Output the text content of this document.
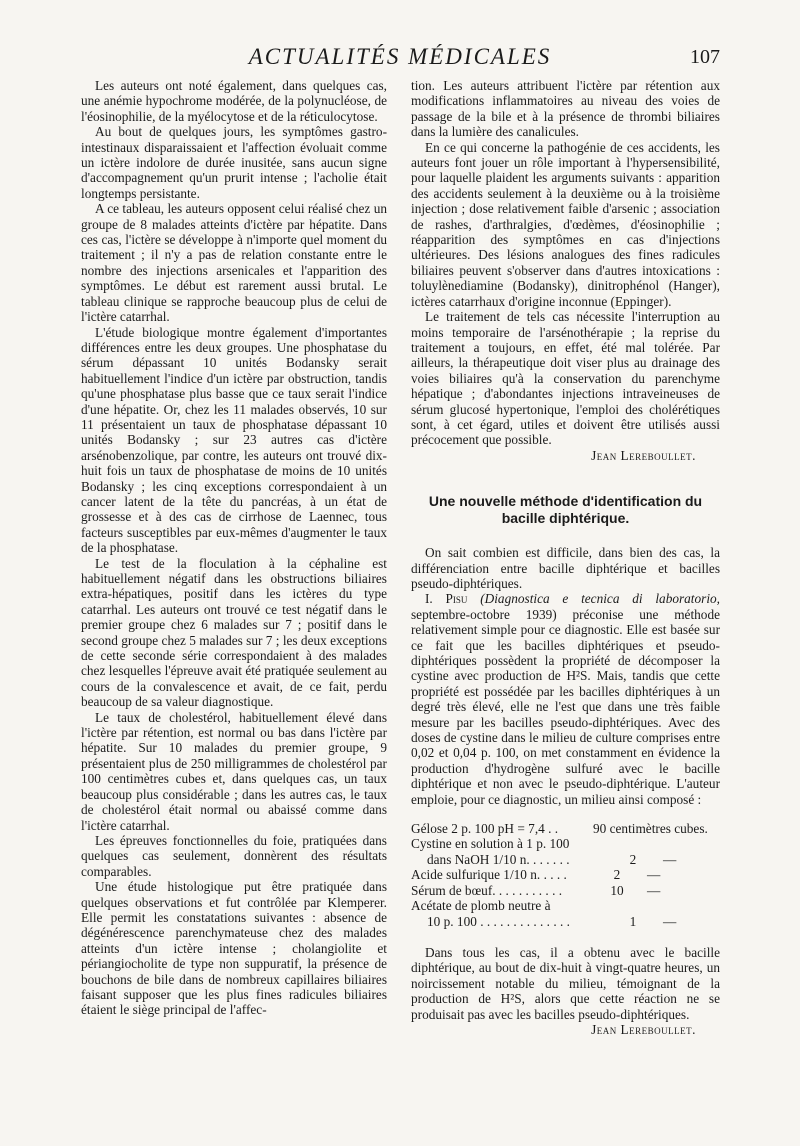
ACTUALITÉS MÉDICALES	107

Les auteurs ont noté également, dans quelques cas, une anémie hypochrome modérée, de la polynucléose, de l'éosinophilie, de la myélocytose et de la réticulocytose.

Au bout de quelques jours, les symptômes gastro-intestinaux disparaissaient et l'affection évoluait comme un ictère indolore de durée inusitée, sans aucun signe d'accompagnement qu'un prurit intense ; l'acholie était longtemps persistante.

A ce tableau, les auteurs opposent celui réalisé chez un groupe de 8 malades atteints d'ictère par hépatite. Dans ces cas, l'ictère se développe à n'importe quel moment du traitement ; il n'y a pas de relation constante entre le nombre des injections arsenicales et l'apparition des symptômes. Le début est rarement aussi brutal. Le tableau clinique se rapproche beaucoup plus de celui de l'ictère catarrhal.

L'étude biologique montre également d'importantes différences entre les deux groupes. Une phosphatase du sérum dépassant 10 unités Bodansky serait habituellement l'indice d'un ictère par obstruction, tandis qu'une phosphatase plus basse que ce taux serait l'indice d'une hépatite. Or, chez les 11 malades observés, 10 sur 11 présentaient un taux de phosphatase dépassant 10 unités Bodansky ; sur 23 autres cas d'ictère arsénobenzolique, par contre, les auteurs ont trouvé dix-huit fois un taux de phosphatase de moins de 10 unités Bodansky ; les cinq exceptions correspondaient à un cancer latent de la tête du pancréas, à un état de grossesse et à des cas de cirrhose de Laennec, tous facteurs susceptibles par eux-mêmes d'augmenter le taux de la phosphatase.

Le test de la floculation à la céphaline est habituellement négatif dans les obstructions biliaires extra-hépatiques, positif dans les ictères du type catarrhal. Les auteurs ont trouvé ce test négatif dans le premier groupe chez 6 malades sur 7 ; positif dans le second groupe chez 5 malades sur 7 ; les deux exceptions de cette seconde série correspondaient à des malades chez lesquelles l'épreuve avait été pratiquée seulement au cours de la convalescence et avait, de ce fait, perdu beaucoup de sa valeur diagnostique.

Le taux de cholestérol, habituellement élevé dans l'ictère par rétention, est normal ou bas dans l'ictère par hépatite. Sur 10 malades du premier groupe, 9 présentaient plus de 250 milligrammes de cholestérol par 100 centimètres cubes et, dans quelques cas, un taux beaucoup plus considérable ; dans les autres cas, le taux de cholestérol était normal ou abaissé comme dans l'ictère catarrhal.

Les épreuves fonctionnelles du foie, pratiquées dans quelques cas seulement, donnèrent des résultats comparables.

Une étude histologique put être pratiquée dans quelques observations et fut contrôlée par Klemperer. Elle permit les constatations suivantes : absence de dégénérescence parenchymateuse chez des malades atteints d'un ictère intense ; cholangiolite et périangiocholite de type non suppuratif, la présence de bouchons de bile dans de nombreux capillaires biliaires faisant supposer que les plus fines radicules biliaires étaient le siège principal de l'affec-

tion. Les auteurs attribuent l'ictère par rétention aux modifications inflammatoires au niveau des voies de passage de la bile et à la présence de thrombi biliaires dans la lumière des canalicules.

En ce qui concerne la pathogénie de ces accidents, les auteurs font jouer un rôle important à l'hypersensibilité, pour laquelle plaident les arguments suivants : apparition des accidents seulement à la deuxième ou à la troisième injection ; dose relativement faible d'arsenic ; association de rashes, d'arthralgies, d'œdèmes, d'éosinophilie ; réapparition des symptômes en cas d'injections ultérieures. Des lésions analogues des fines radicules biliaires peuvent s'observer dans d'autres intoxications : toluylènediamine (Bodansky), dinitrophénol (Hanger), ictères catarrhaux d'origine inconnue (Eppinger).

Le traitement de tels cas nécessite l'interruption au moins temporaire de l'arsénothérapie ; la reprise du traitement a toujours, en effet, été mal tolérée. Par ailleurs, la thérapeutique doit viser plus au drainage des voies biliaires qu'à la conservation du parenchyme hépatique ; d'abondantes injections intraveineuses de sérum glucosé hypertonique, l'emploi des cholérétiques sont, à cet égard, utiles et doivent être utilisés aussi précocement que possible.

Jean Lereboullet.

Une nouvelle méthode d'identification du bacille diphtérique.

On sait combien est difficile, dans bien des cas, la différenciation entre bacille diphtérique et bacilles pseudo-diphtériques.

I. Pisu (Diagnostica e tecnica di laboratorio, septembre-octobre 1939) préconise une méthode relativement simple pour ce diagnostic. Elle est basée sur ce fait que les bacilles diphtériques et pseudo-diphtériques possèdent la propriété de décomposer la cystine avec production de H²S. Mais, tandis que cette propriété est possédée par les bacilles diphtériques à un degré très élevé, elle ne l'est que dans une très faible mesure par les bacilles pseudo-diphtériques. Avec des doses de cystine dans le milieu de culture comprises entre 0,02 et 0,04 p. 100, on met constamment en évidence la production d'hydrogène sulfuré avec le bacille diphtérique et non avec le pseudo-diphtérique. L'auteur emploie, pour ce diagnostic, un milieu ainsi composé :

Gélose 2 p. 100 pH = 7,4 . .	90 centimètres cubes.
Cystine en solution à 1 p. 100
dans NaOH 1/10 n. . . . . . .	2	—
Acide sulfurique 1/10 n. . . . .	2	—
Sérum de bœuf. . . . . . . . . . .	10	—
Acétate de plomb neutre à
10 p. 100 . . . . . . . . . . . . . .	1	—

Dans tous les cas, il a obtenu avec le bacille diphtérique, au bout de dix-huit à vingt-quatre heures, un noircissement notable du milieu, témoignant de la production de H²S, alors que cette réaction ne se produisait pas avec les bacilles pseudo-diphtériques.

Jean Lereboullet.
